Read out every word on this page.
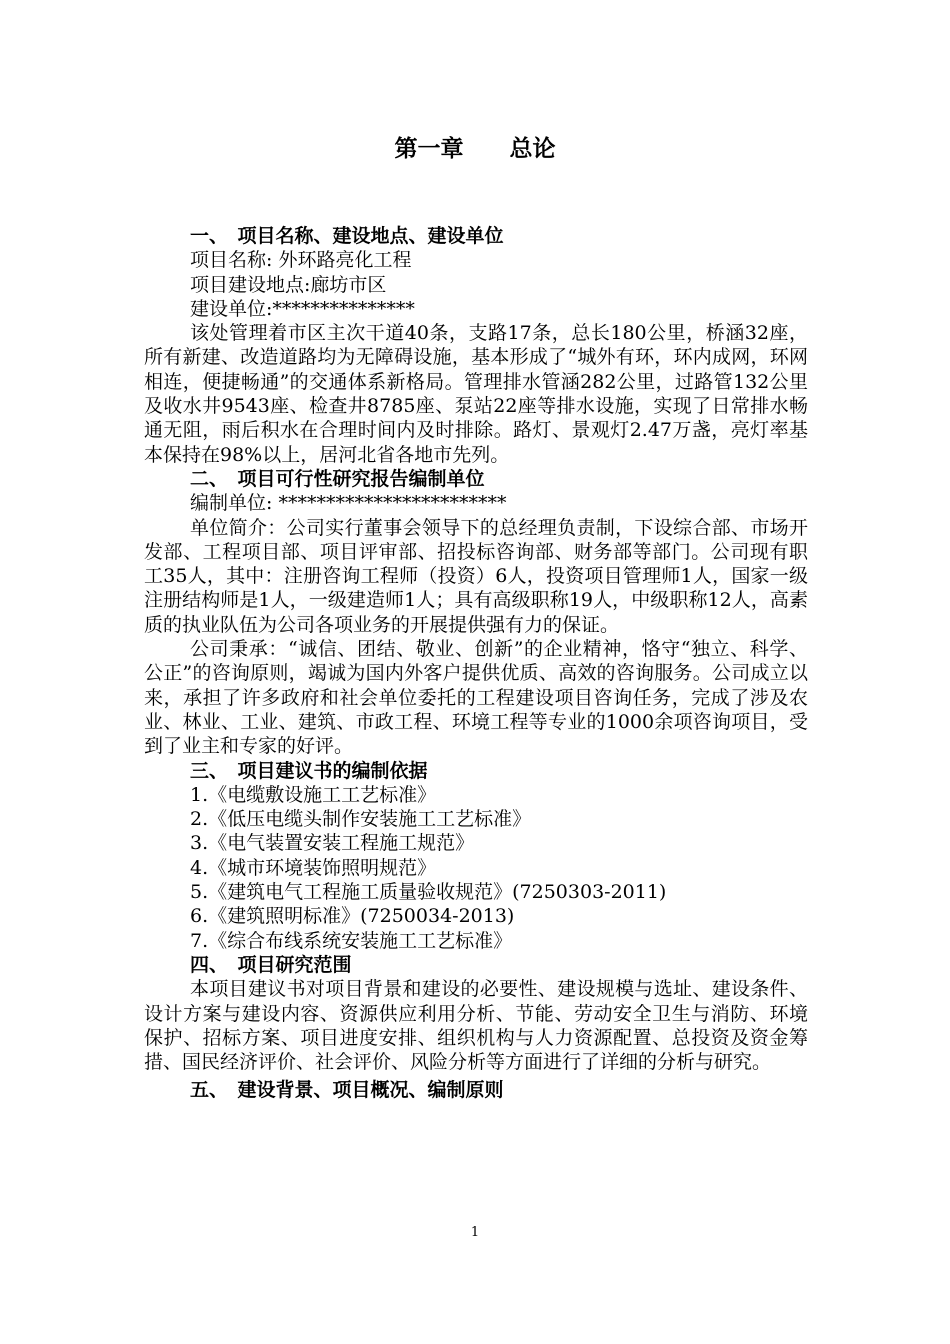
第一章　　总论
一、　项目名称、建设地点、建设单位

项目名称: 外环路亮化工程

项目建设地点:廊坊市区

建设单位:***************

该处管理着市区主次干道40条，支路17条，总长180公里，桥涵32座，所有新建、改造道路均为无障碍设施，基本形成了“城外有环，环内成网，环网相连，便捷畅通”的交通体系新格局。管理排水管涵282公里，过路管132公里及收水井9543座、检查井8785座、泵站22座等排水设施，实现了日常排水畅通无阻，雨后积水在合理时间内及时排除。路灯、景观灯2.47万盏，亮灯率基本保持在98%以上，居河北省各地市先列。

二、　项目可行性研究报告编制单位

编制单位: ************************

单位简介：公司实行董事会领导下的总经理负责制，下设综合部、市场开发部、工程项目部、项目评审部、招投标咨询部、财务部等部门。公司现有职工35人，其中：注册咨询工程师（投资）6人，投资项目管理师1人，国家一级注册结构师是1人，一级建造师1人；具有高级职称19人，中级职称12人，高素质的执业队伍为公司各项业务的开展提供强有力的保证。

公司秉承：“诚信、团结、敬业、创新”的企业精神，恪守“独立、科学、公正”的咨询原则，竭诚为国内外客户提供优质、高效的咨询服务。公司成立以来，承担了许多政府和社会单位委托的工程建设项目咨询任务，完成了涉及农业、林业、工业、建筑、市政工程、环境工程等专业的1000余项咨询项目，受到了业主和专家的好评。

三、　项目建议书的编制依据

1.《电缆敷设施工工艺标准》

2.《低压电缆头制作安装施工工艺标准》

3.《电气装置安装工程施工规范》

4.《城市环境装饰照明规范》

5.《建筑电气工程施工质量验收规范》(7250303-2011)

6.《建筑照明标准》(7250034-2013)

7.《综合布线系统安装施工工艺标准》

四、　项目研究范围

本项目建议书对项目背景和建设的必要性、建设规模与选址、建设条件、设计方案与建设内容、资源供应利用分析、节能、劳动安全卫生与消防、环境保护、招标方案、项目进度安排、组织机构与人力资源配置、总投资及资金筹措、国民经济评价、社会评价、风险分析等方面进行了详细的分析与研究。

五、　建设背景、项目概况、编制原则
1
